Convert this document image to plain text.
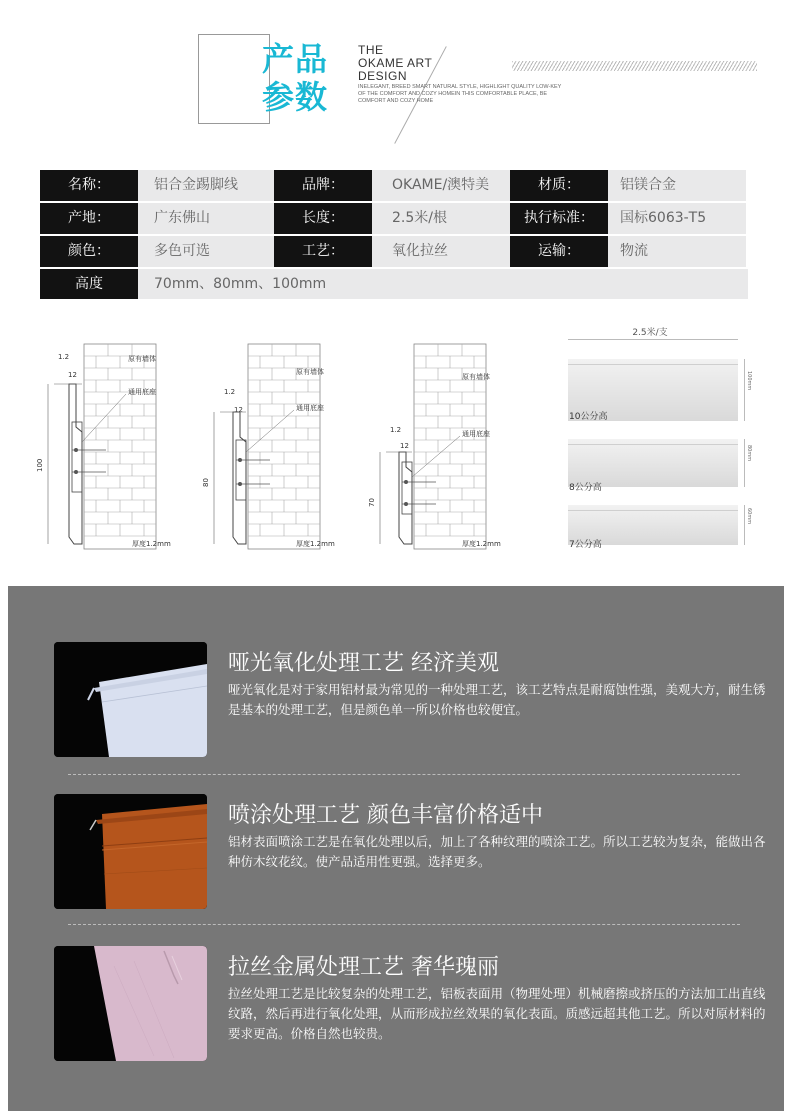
产品
参数
THE
OKAME ART
DESIGN
INELEGANT, BREED SMART NATURAL STYLE, HIGHLIGHT QUALITY LOW-KEY OF THE COMFORT AND COZY HOMEIN THIS COMFORTABLE PLACE, BE COMFORT AND COZY HOME
名称：	铝合金踢脚线	品牌：	OKAME/澳特美	材质：	铝镁合金
产地：	广东佛山	长度：	2.5米/根	执行标准：	国标6063-T5
颜色：	多色可选	工艺：	氧化拉丝	运输：	物流
高度	70mm、80mm、100mm
100
1.2
12
原有墙体
通用底座
厚度1.2mm
80
1.2
12
原有墙体
通用底座
厚度1.2mm
70
1.2
12
原有墙体
通用底座
厚度1.2mm
2.5米/支
10公分高
100mm
8公分高
80mm
7公分高
60mm
哑光氧化处理工艺 经济美观
哑光氧化是对于家用铝材最为常见的一种处理工艺，该工艺特点是耐腐蚀性强，美观大方，耐生锈是基本的处理工艺，但是颜色单一所以价格也较便宜。
喷涂处理工艺 颜色丰富价格适中
铝材表面喷涂工艺是在氧化处理以后，加上了各种纹理的喷涂工艺。所以工艺较为复杂，能做出各种仿木纹花纹。使产品适用性更强。选择更多。
拉丝金属处理工艺 奢华瑰丽
拉丝处理工艺是比较复杂的处理工艺，铝板表面用（物理处理）机械磨擦或挤压的方法加工出直线纹路，然后再进行氧化处理，从而形成拉丝效果的氧化表面。质感远超其他工艺。所以对原材料的要求更高。价格自然也较贵。
